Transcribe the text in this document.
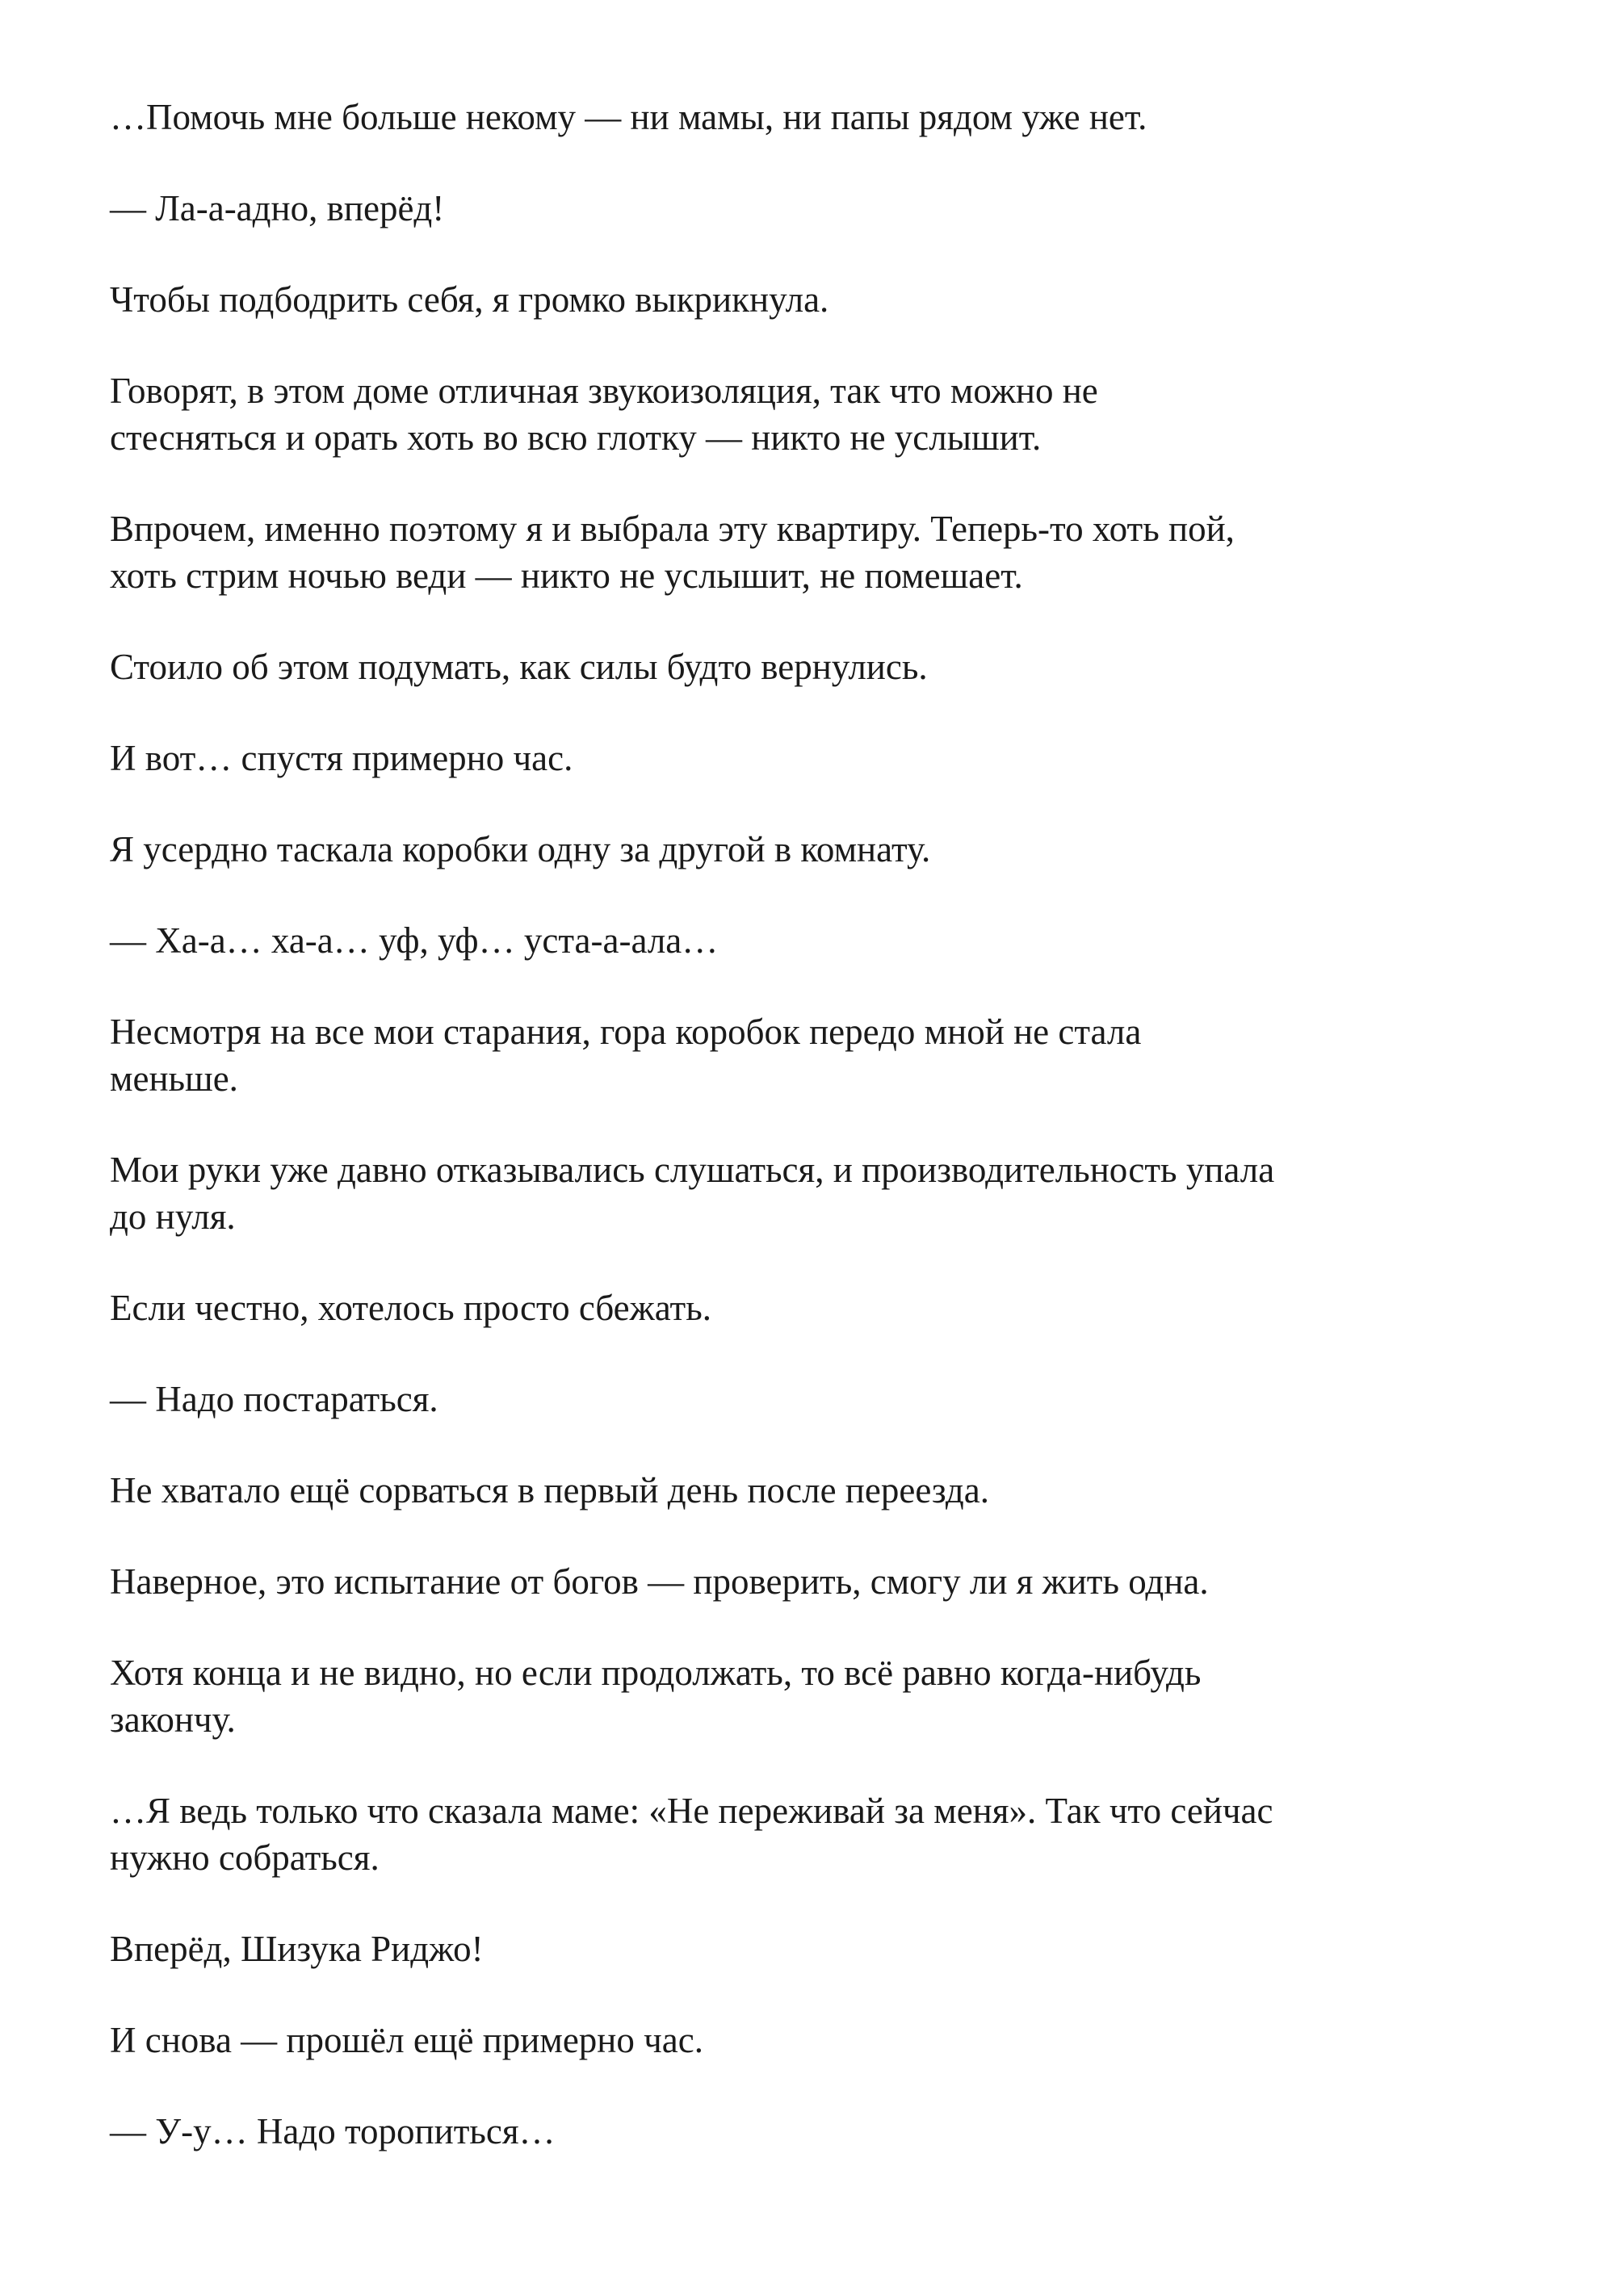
…Помочь мне больше некому — ни мамы, ни папы рядом уже нет.

— Ла-а-адно, вперёд!

Чтобы подбодрить себя, я громко выкрикнула.

Говорят, в этом доме отличная звукоизоляция, так что можно не
стесняться и орать хоть во всю глотку — никто не услышит.

Впрочем, именно поэтому я и выбрала эту квартиру. Теперь-то хоть пой,
хоть стрим ночью веди — никто не услышит, не помешает.

Стоило об этом подумать, как силы будто вернулись.

И вот… спустя примерно час.

Я усердно таскала коробки одну за другой в комнату.

— Ха-а… ха-а… уф, уф… уста-а-ала…

Несмотря на все мои старания, гора коробок передо мной не стала
меньше.

Мои руки уже давно отказывались слушаться, и производительность упала
до нуля.

Если честно, хотелось просто сбежать.

— Надо постараться.

Не хватало ещё сорваться в первый день после переезда.

Наверное, это испытание от богов — проверить, смогу ли я жить одна.

Хотя конца и не видно, но если продолжать, то всё равно когда-нибудь
закончу.

…Я ведь только что сказала маме: «Не переживай за меня». Так что сейчас
нужно собраться.

Вперёд, Шизука Риджо!

И снова — прошёл ещё примерно час.

— У-у… Надо торопиться…
